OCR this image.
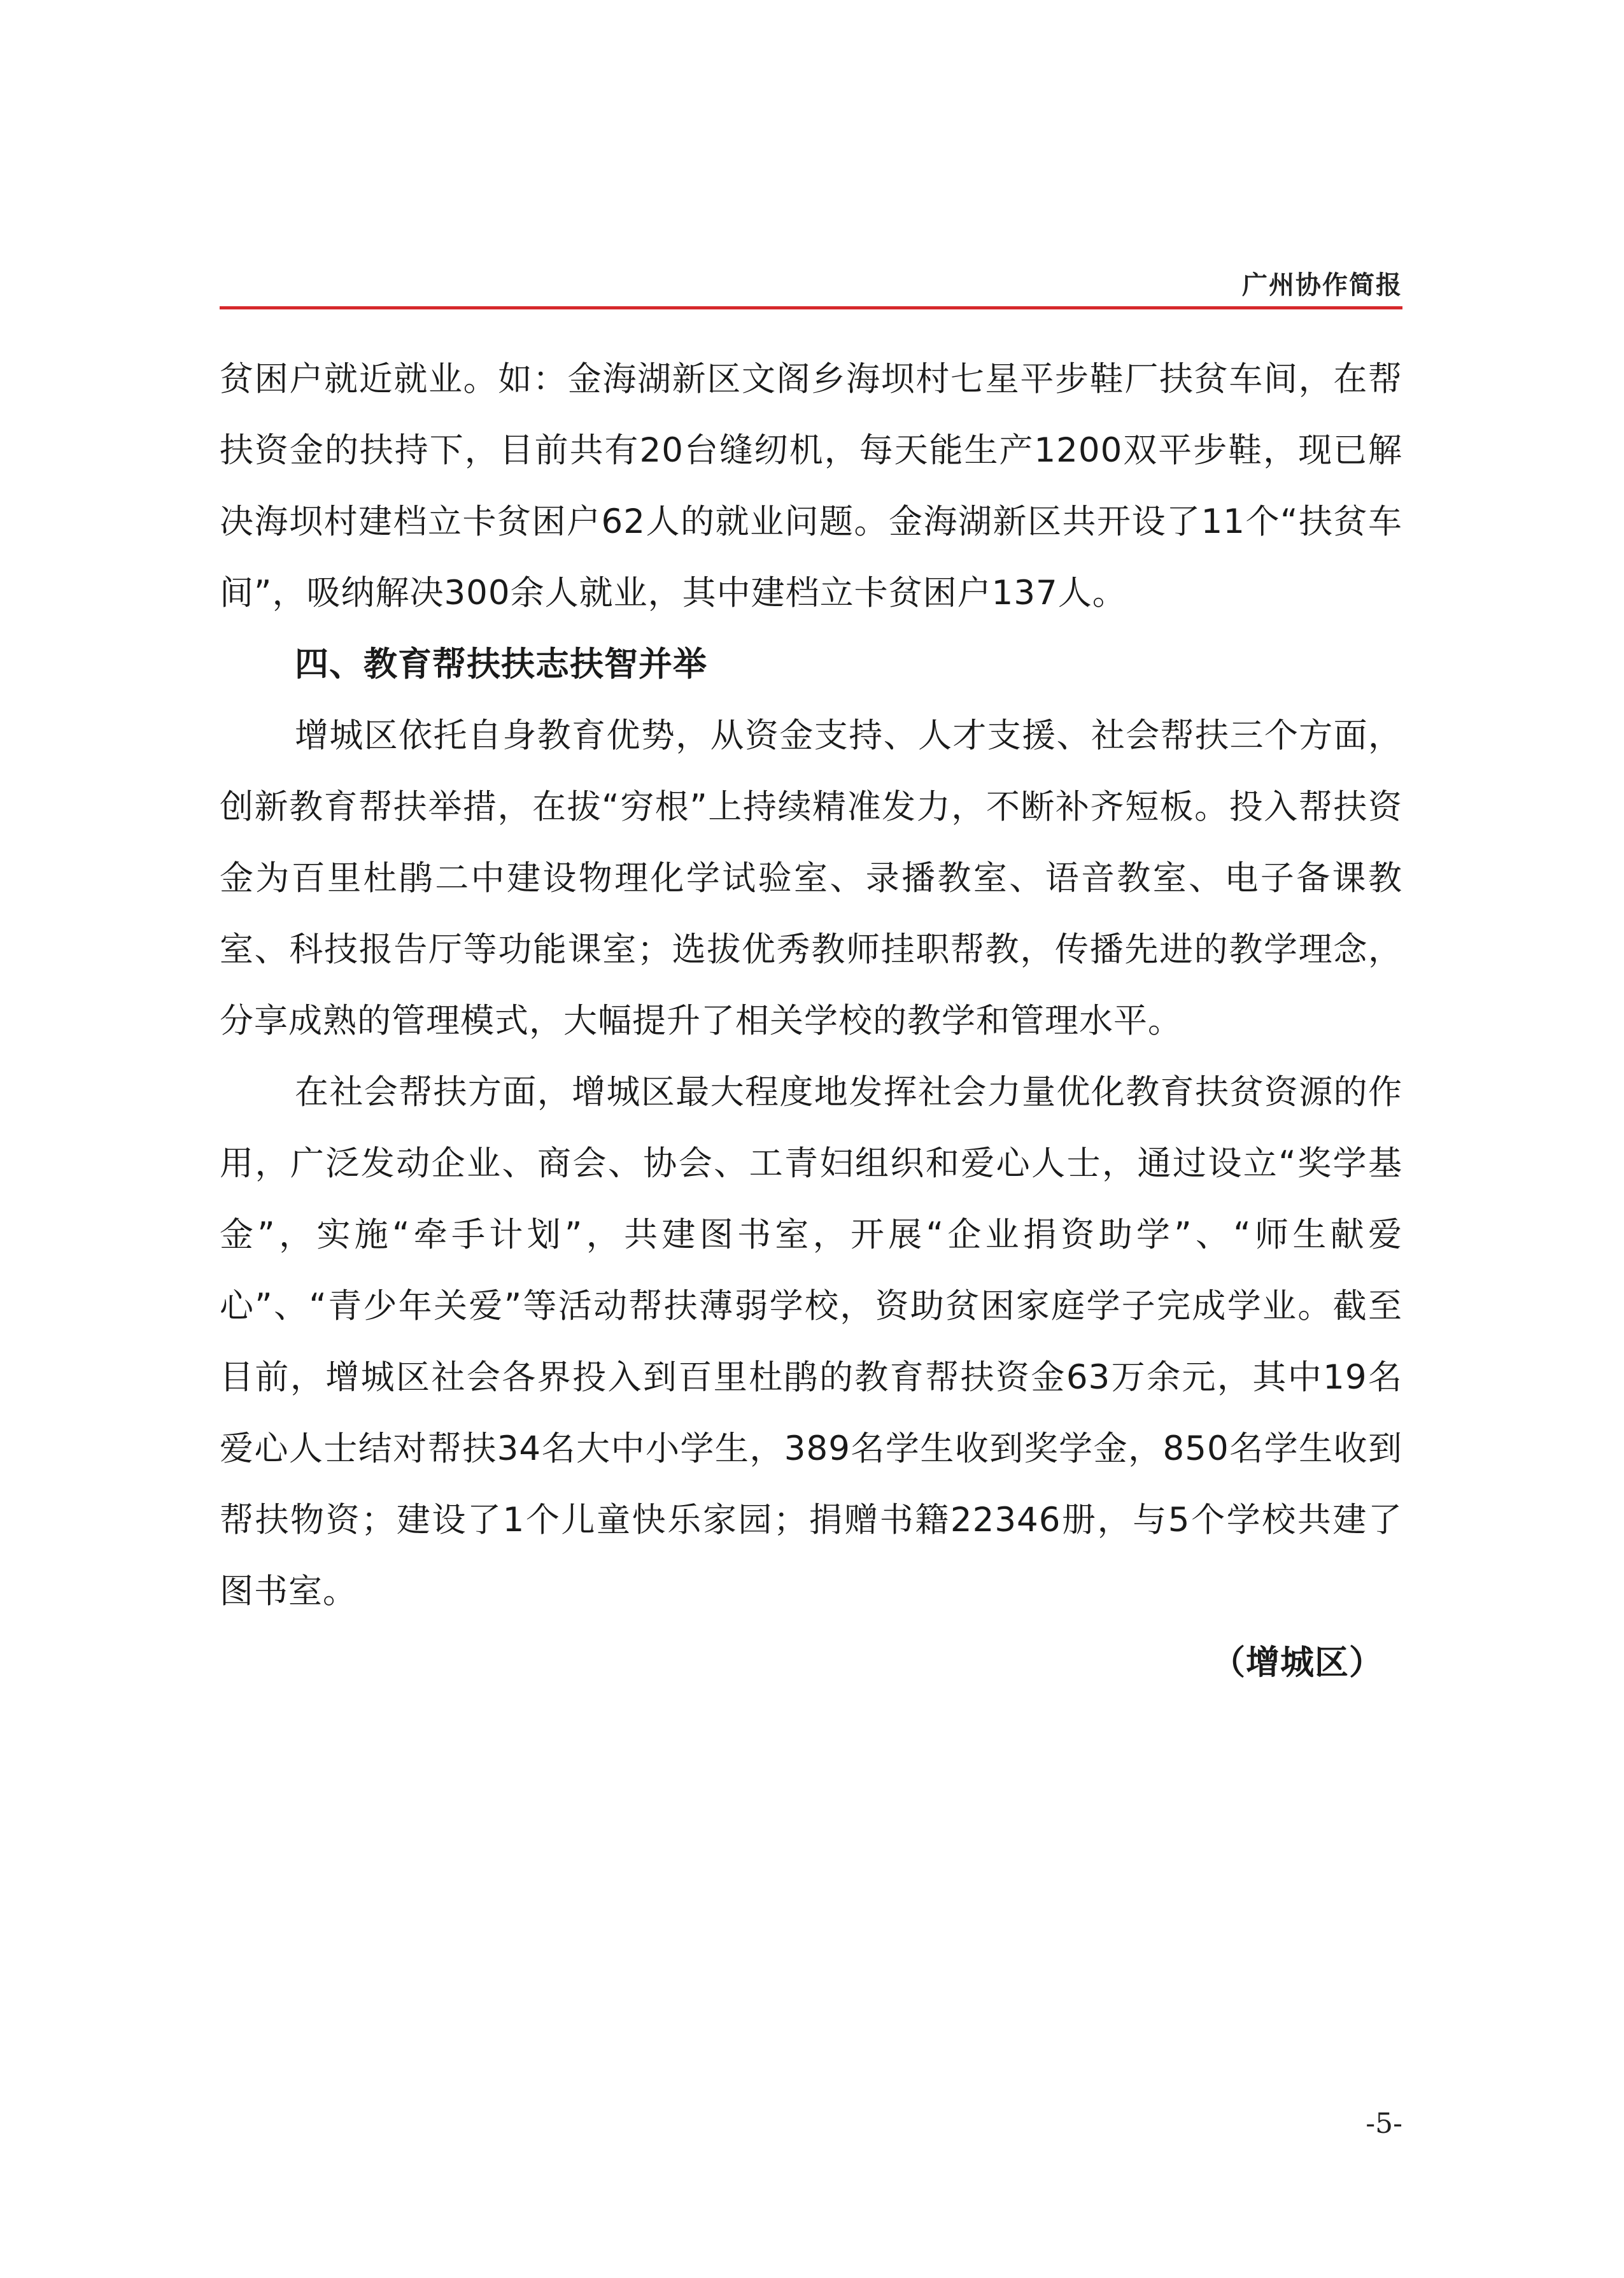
广州协作简报

贫困户就近就业。如：金海湖新区文阁乡海坝村七星平步鞋厂扶贫车间，在帮扶资金的扶持下，目前共有20台缝纫机，每天能生产1200双平步鞋，现已解决海坝村建档立卡贫困户62人的就业问题。金海湖新区共开设了11个“扶贫车间”，吸纳解决300余人就业，其中建档立卡贫困户137人。

四、教育帮扶扶志扶智并举

增城区依托自身教育优势，从资金支持、人才支援、社会帮扶三个方面，创新教育帮扶举措，在拔“穷根”上持续精准发力，不断补齐短板。投入帮扶资金为百里杜鹃二中建设物理化学试验室、录播教室、语音教室、电子备课教室、科技报告厅等功能课室；选拔优秀教师挂职帮教，传播先进的教学理念，分享成熟的管理模式，大幅提升了相关学校的教学和管理水平。

在社会帮扶方面，增城区最大程度地发挥社会力量优化教育扶贫资源的作用，广泛发动企业、商会、协会、工青妇组织和爱心人士，通过设立“奖学基金”，实施“牵手计划”，共建图书室，开展“企业捐资助学”、“师生献爱心”、“青少年关爱”等活动帮扶薄弱学校，资助贫困家庭学子完成学业。截至目前，增城区社会各界投入到百里杜鹃的教育帮扶资金63万余元，其中19名爱心人士结对帮扶34名大中小学生，389名学生收到奖学金，850名学生收到帮扶物资；建设了1个儿童快乐家园；捐赠书籍22346册，与5个学校共建了图书室。

（增城区）

-5-
